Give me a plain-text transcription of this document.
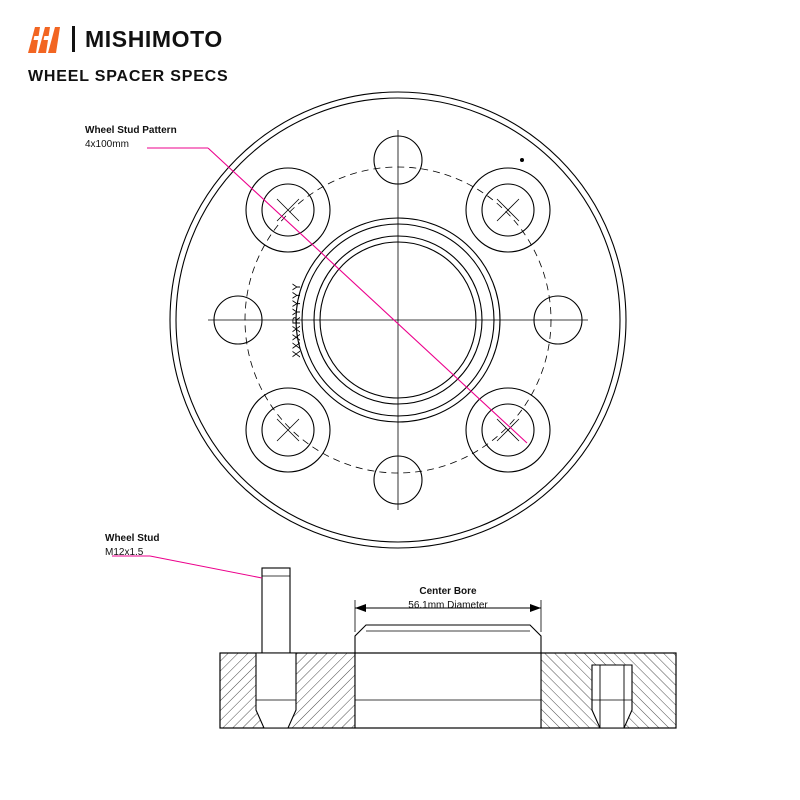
MISHIMOTO
WHEEL SPACER SPECS
XXXXRYYYY
Wheel Stud Pattern
4x100mm
Wheel Stud
M12x1.5
Center Bore
56.1mm Diameter
